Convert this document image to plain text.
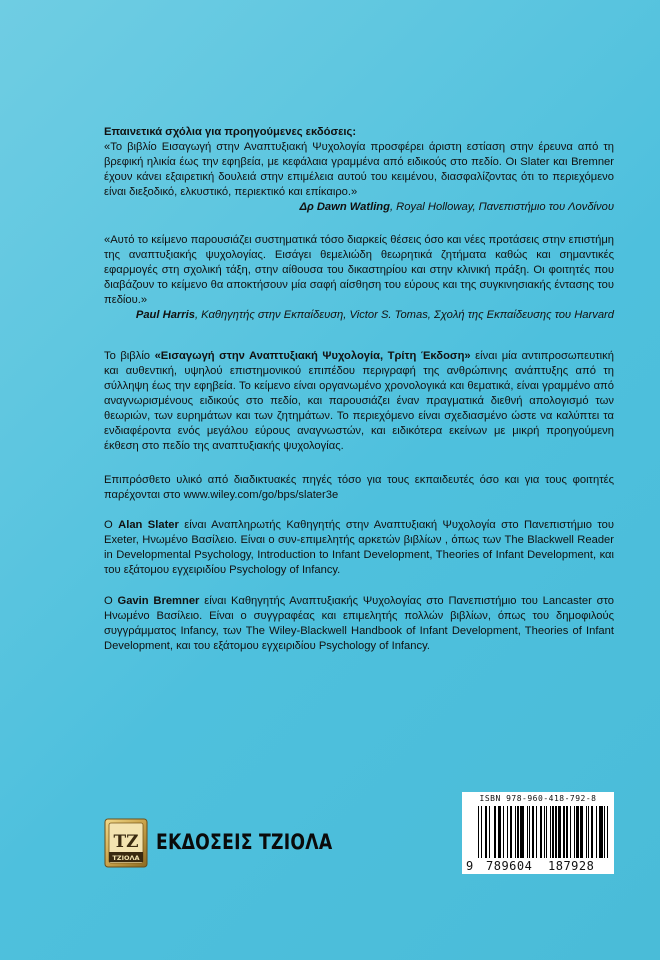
Επαινετικά σχόλια για προηγούμενες εκδόσεις:

«Το βιβλίο Εισαγωγή στην Αναπτυξιακή Ψυχολογία προσφέρει άριστη εστίαση στην έρευνα από τη βρεφική ηλικία έως την εφηβεία, με κεφάλαια γραμμένα από ειδικούς στο πεδίο. Οι Slater και Bremner έχουν κάνει εξαιρετική δουλειά στην επιμέλεια αυτού του κειμένου, διασφαλίζοντας ότι το περιεχόμενο είναι διεξοδικό, ελκυστικό, περιεκτικό και επίκαιρο.»

Δρ Dawn Watling, Royal Holloway, Πανεπιστήμιο του Λονδίνου

«Αυτό το κείμενο παρουσιάζει συστηματικά τόσο διαρκείς θέσεις όσο και νέες προτάσεις στην επιστήμη της αναπτυξιακής ψυχολογίας. Εισάγει θεμελιώδη θεωρητικά ζητήματα καθώς και σημαντικές εφαρμογές στη σχολική τάξη, στην αίθουσα του δικαστηρίου και στην κλινική πράξη. Οι φοιτητές που διαβάζουν το κείμενο θα αποκτήσουν μία σαφή αίσθηση του εύρους και της συγκινησιακής έντασης του πεδίου.»

Paul Harris, Καθηγητής στην Εκπαίδευση, Victor S. Tomas, Σχολή της Εκπαίδευσης του Harvard

Το βιβλίο «Εισαγωγή στην Αναπτυξιακή Ψυχολογία, Τρίτη Έκδοση» είναι μία αντιπροσωπευτική και αυθεντική, υψηλού επιστημονικού επιπέδου περιγραφή της ανθρώπινης ανάπτυξης από τη σύλληψη έως την εφηβεία. Το κείμενο είναι οργανωμένο χρονολογικά και θεματικά, είναι γραμμένο από αναγνωρισμένους ειδικούς στο πεδίο, και παρουσιάζει έναν πραγματικά διεθνή απολογισμό των θεωριών, των ευρημάτων και των ζητημάτων. Το περιεχόμενο είναι σχεδιασμένο ώστε να καλύπτει τα ενδιαφέροντα ενός μεγάλου εύρους αναγνωστών, και ειδικότερα εκείνων με μικρή προηγούμενη έκθεση στο πεδίο της αναπτυξιακής ψυχολογίας.

Επιπρόσθετο υλικό από διαδικτυακές πηγές τόσο για τους εκπαιδευτές όσο και για τους φοιτητές παρέχονται στο www.wiley.com/go/bps/slater3e

Ο Alan Slater είναι Αναπληρωτής Καθηγητής στην Αναπτυξιακή Ψυχολογία στο Πανεπιστήμιο του Exeter, Ηνωμένο Βασίλειο. Είναι ο συν-επιμελητής αρκετών βιβλίων , όπως των The Blackwell Reader in Developmental Psychology, Introduction to Infant Development, Theories of Infant Development, και του εξάτομου εγχειριδίου Psychology of Infancy.

Ο Gavin Bremner είναι Καθηγητής Αναπτυξιακής Ψυχολογίας στο Πανεπιστήμιο του Lancaster στο Ηνωμένο Βασίλειο. Είναι ο συγγραφέας και επιμελητής πολλών βιβλίων, όπως του δημοφιλούς συγγράμματος Infancy, των The Wiley-Blackwell Handbook of Infant Development, Theories of Infant Development, και του εξάτομου εγχειριδίου Psychology of Infancy.

ISBN 978-960-418-792-8
9 789604 187928
ΤΖ
ΤΖΙΟΛΑ
ΕΚΔΟΣΕΙΣ ΤΖΙΟΛΑ
